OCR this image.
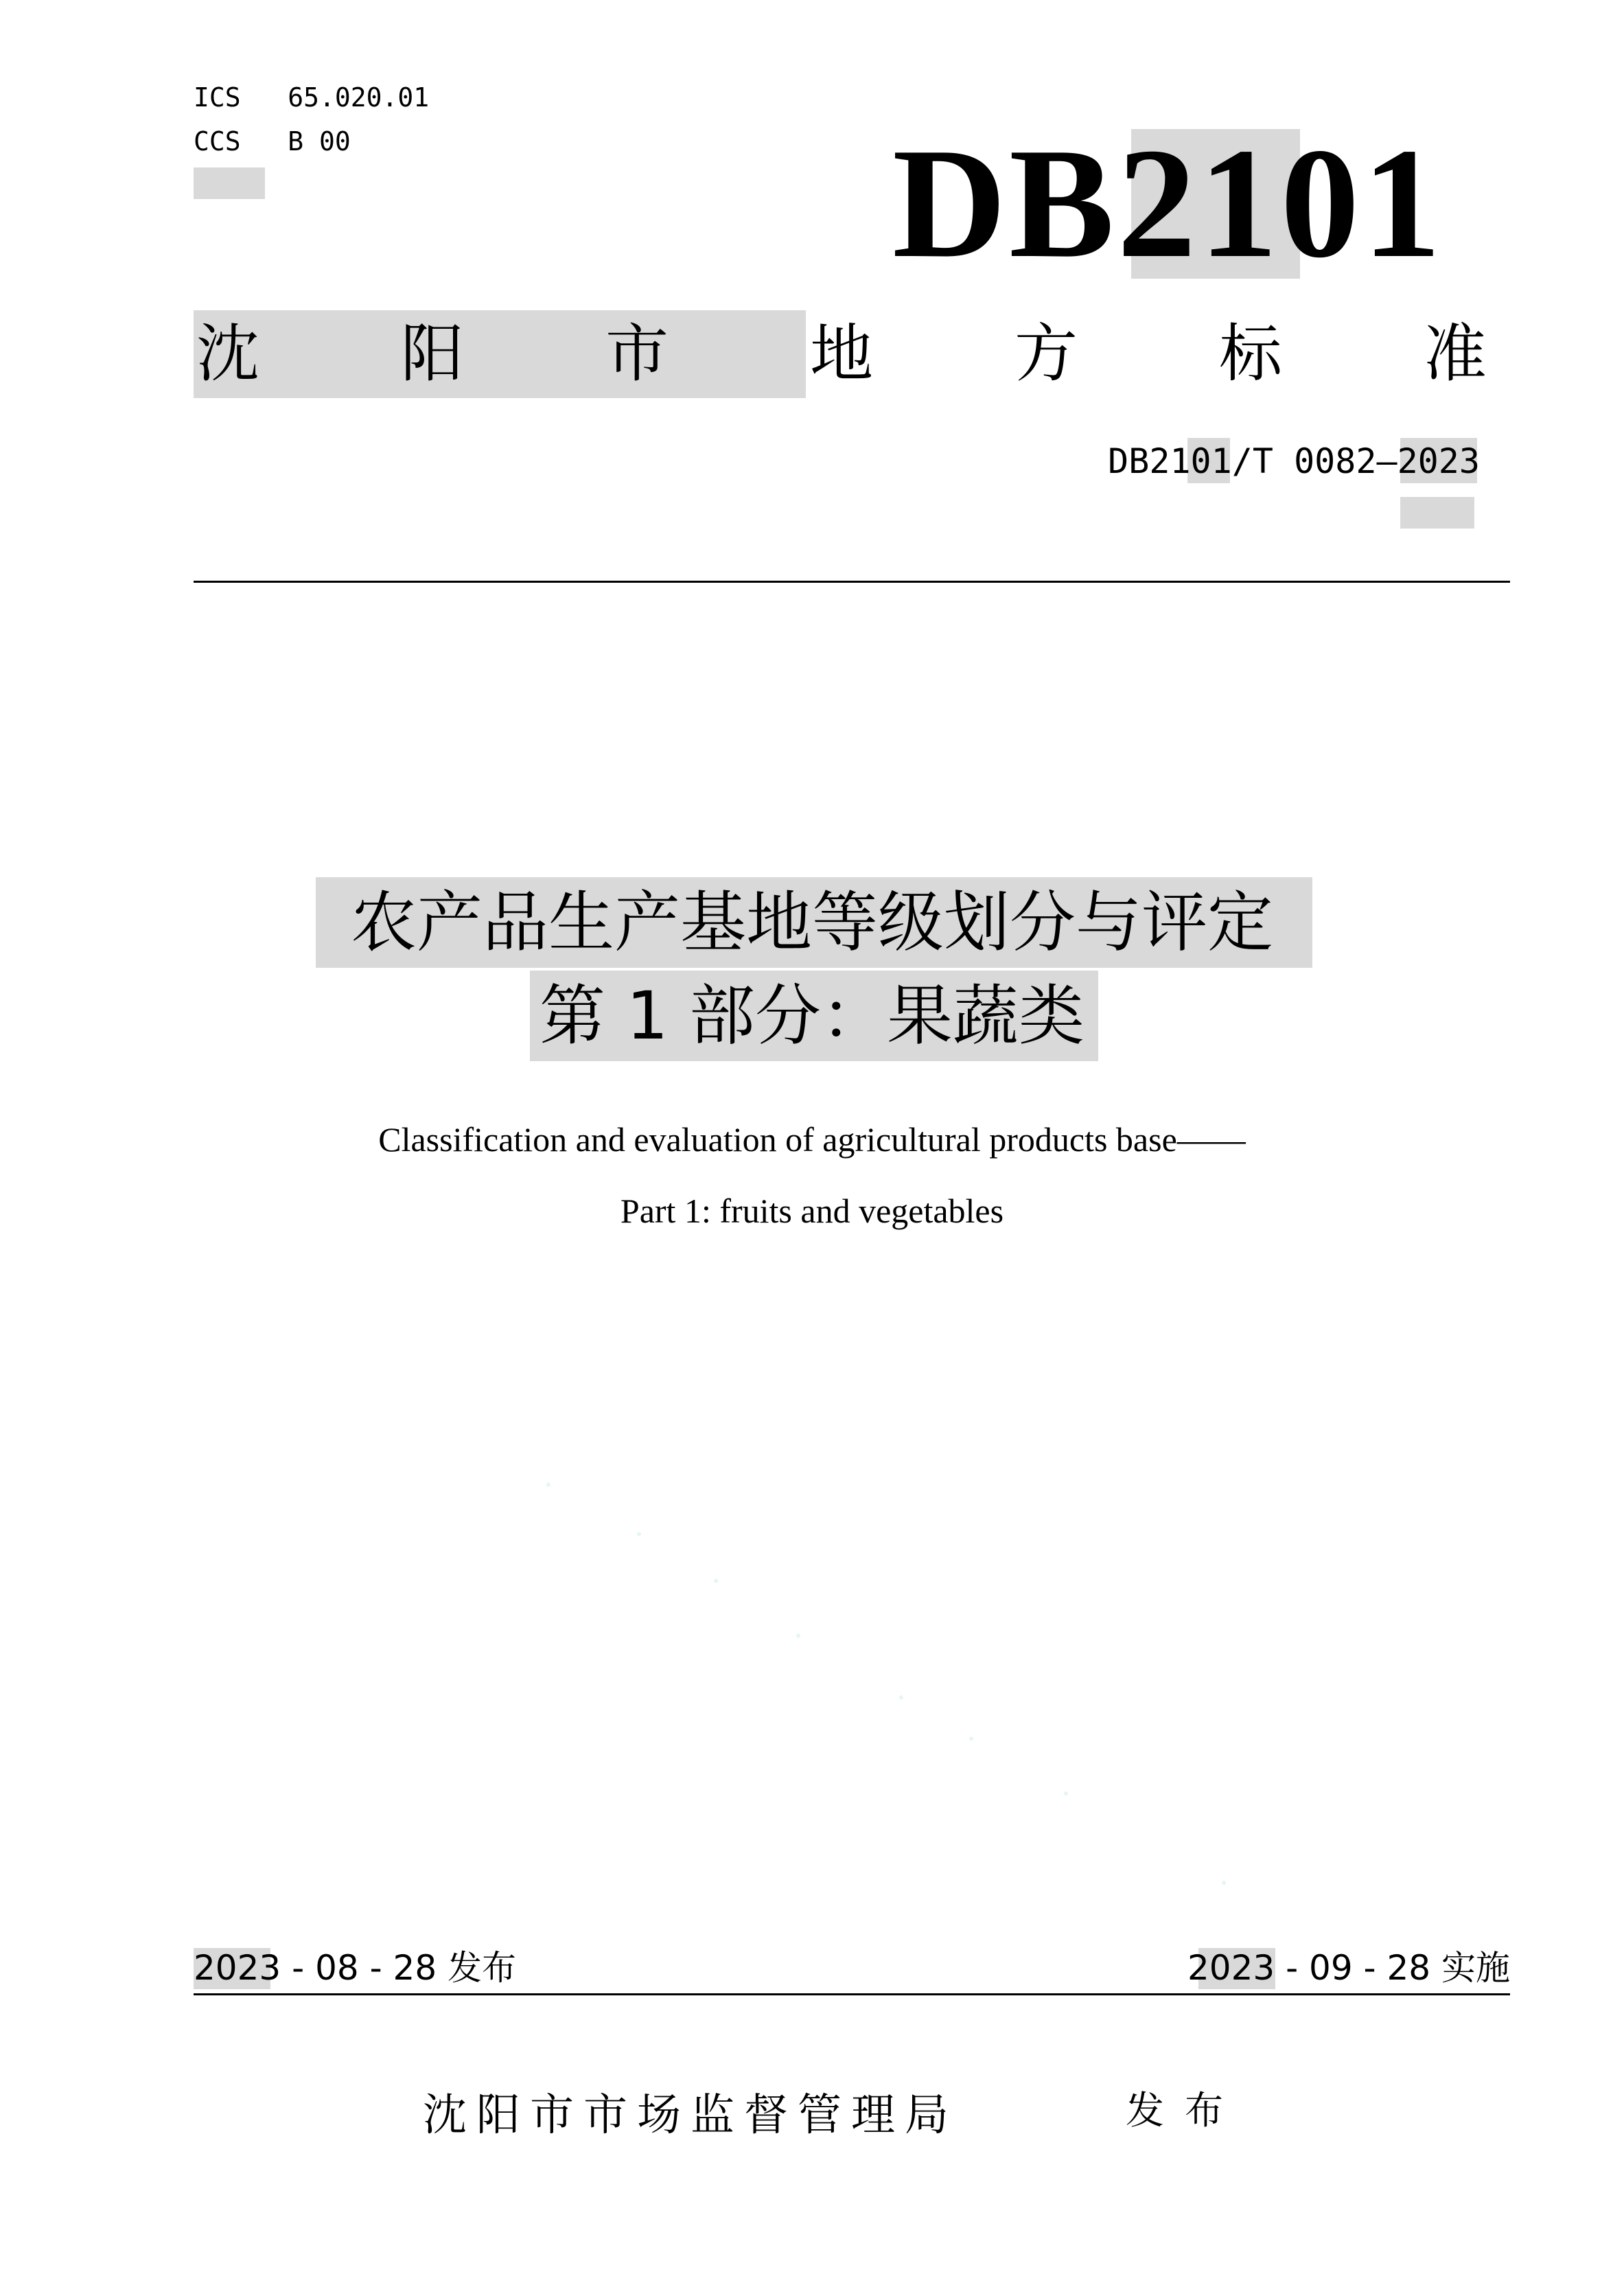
ICS 65.020.01
CCS B 00	DB2101
沈 阳 市 地 方 标 准
DB2101/T 0082—2023
农产品生产基地等级划分与评定
第 1 部分：果蔬类
Classification and evaluation of agricultural products base——
Part 1: fruits and vegetables
2023 - 08 - 28 发布	2023 - 09 - 28 实施
沈阳市市场监督管理局	发布
